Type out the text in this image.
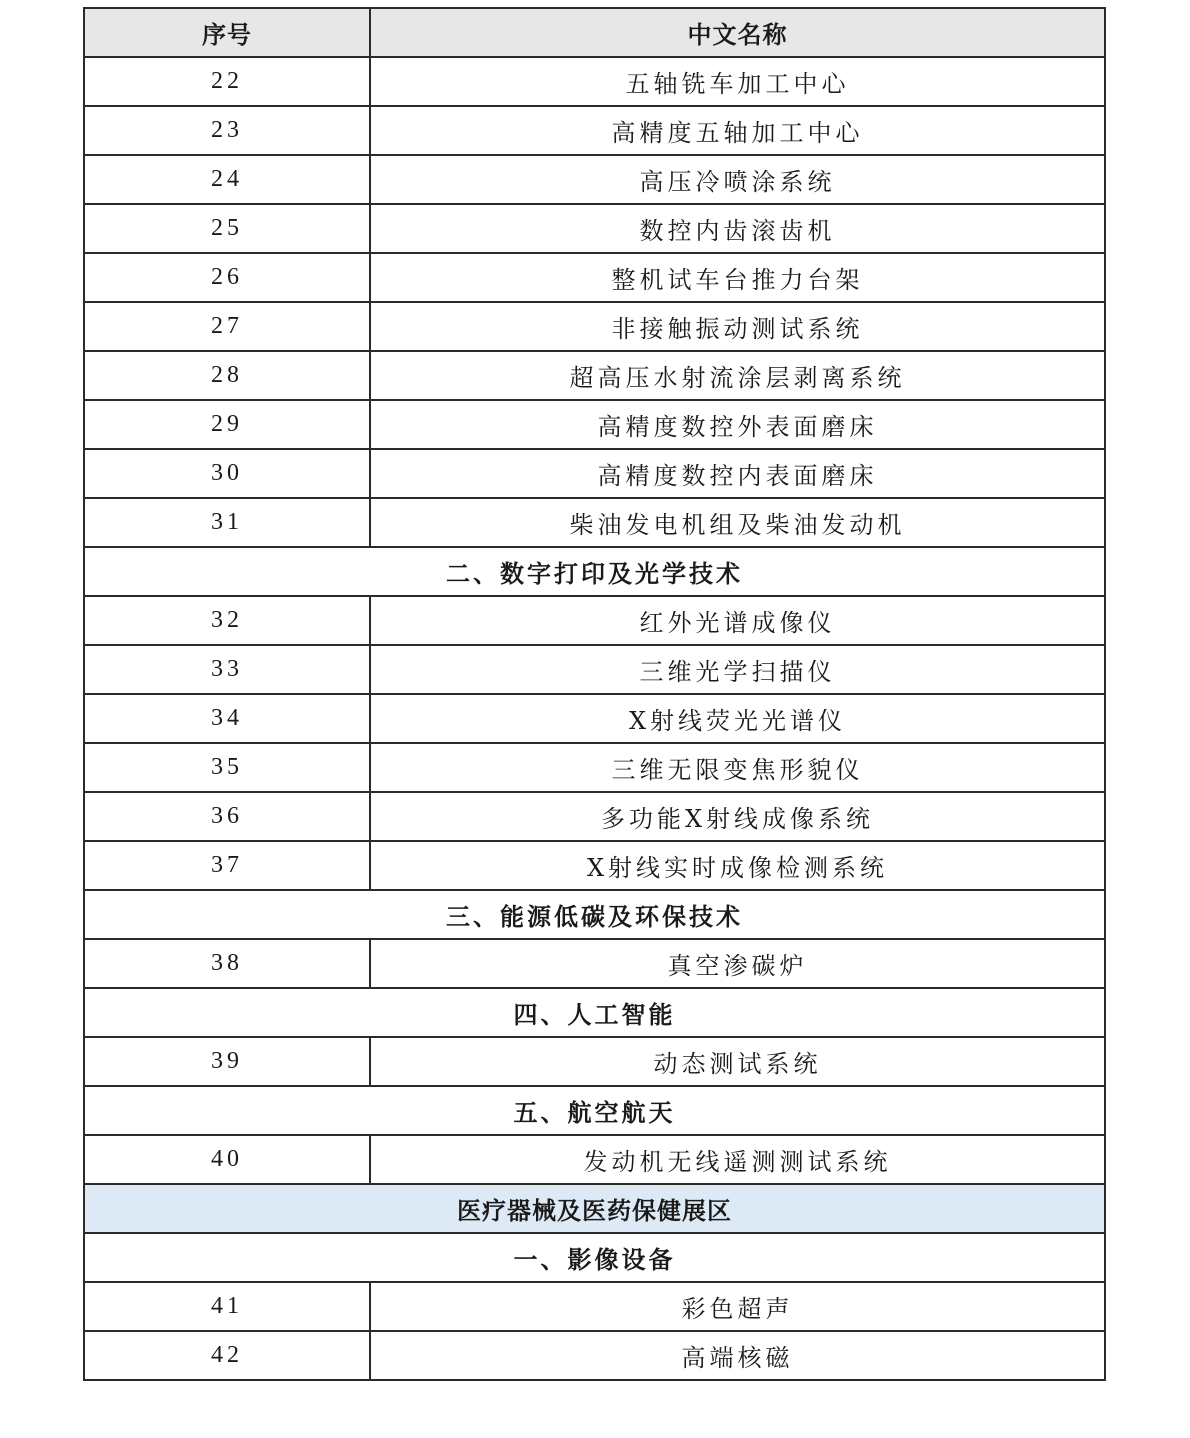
序号	中文名称
22	五轴铣车加工中心
23	高精度五轴加工中心
24	高压冷喷涂系统
25	数控内齿滚齿机
26	整机试车台推力台架
27	非接触振动测试系统
28	超高压水射流涂层剥离系统
29	高精度数控外表面磨床
30	高精度数控内表面磨床
31	柴油发电机组及柴油发动机
二、数字打印及光学技术	
32	红外光谱成像仪
33	三维光学扫描仪
34	X射线荧光光谱仪
35	三维无限变焦形貌仪
36	多功能X射线成像系统
37	X射线实时成像检测系统
三、能源低碳及环保技术	
38	真空渗碳炉
四、人工智能	
39	动态测试系统
五、航空航天	
40	发动机无线遥测测试系统
医疗器械及医药保健展区	
一、影像设备	
41	彩色超声
42	高端核磁
